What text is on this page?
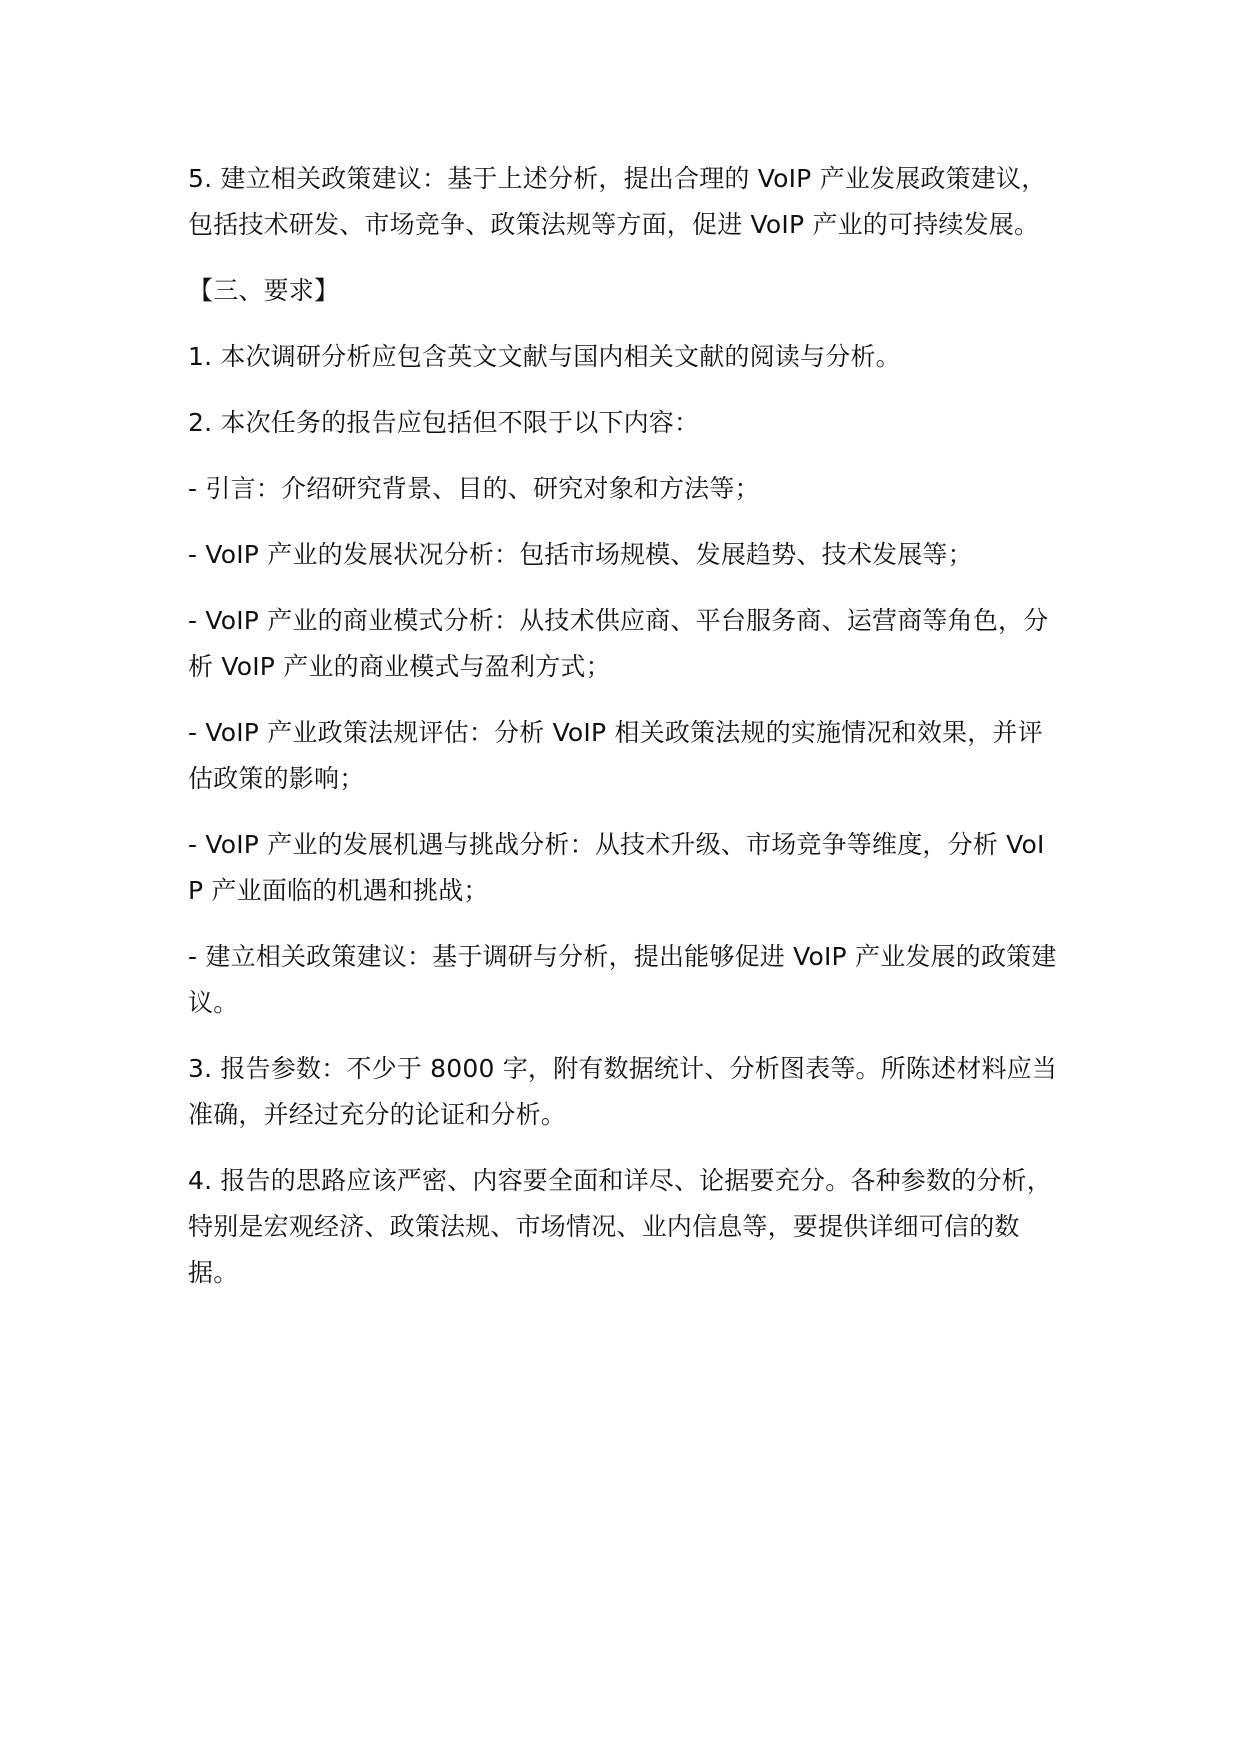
5. 建立相关政策建议：基于上述分析，提出合理的 VoIP 产业发展政策建议，包括技术研发、市场竞争、政策法规等方面，促进 VoIP 产业的可持续发展。

【三、要求】

1. 本次调研分析应包含英文文献与国内相关文献的阅读与分析。

2. 本次任务的报告应包括但不限于以下内容：

- 引言：介绍研究背景、目的、研究对象和方法等；

- VoIP 产业的发展状况分析：包括市场规模、发展趋势、技术发展等；

- VoIP 产业的商业模式分析：从技术供应商、平台服务商、运营商等角色，分析 VoIP 产业的商业模式与盈利方式；

- VoIP 产业政策法规评估：分析 VoIP 相关政策法规的实施情况和效果，并评估政策的影响；

- VoIP 产业的发展机遇与挑战分析：从技术升级、市场竞争等维度，分析 VoIP 产业面临的机遇和挑战；

- 建立相关政策建议：基于调研与分析，提出能够促进 VoIP 产业发展的政策建议。

3. 报告参数：不少于 8000 字，附有数据统计、分析图表等。所陈述材料应当准确，并经过充分的论证和分析。

4. 报告的思路应该严密、内容要全面和详尽、论据要充分。各种参数的分析，特别是宏观经济、政策法规、市场情况、业内信息等，要提供详细可信的数据。
